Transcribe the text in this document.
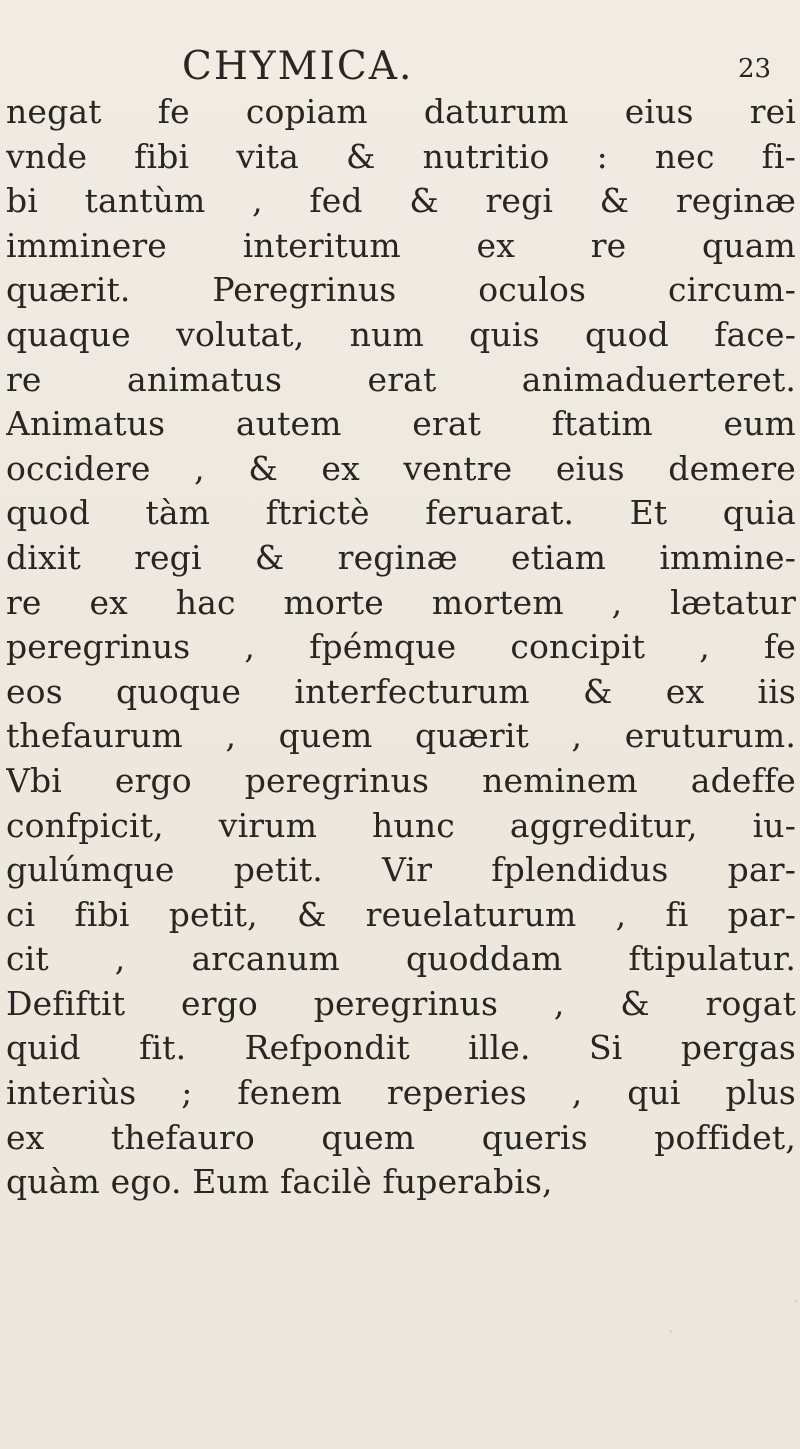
CHYMICA.	23
negat fe copiam daturum eius rei
vnde fibi vita & nutritio : nec fi-
bi tantùm , fed & regi & reginæ
imminere interitum ex re quam
quærit. Peregrinus oculos circum-
quaque volutat, num quis quod face-
re animatus erat animaduerteret.
Animatus autem erat ftatim eum
occidere , & ex ventre eius demere
quod tàm ftrictè feruarat. Et quia
dixit regi & reginæ etiam immine-
re ex hac morte mortem , lætatur
peregrinus , fpémque concipit , fe
eos quoque interfecturum & ex iis
thefaurum , quem quærit , eruturum.
Vbi ergo peregrinus neminem adeffe
confpicit, virum hunc aggreditur, iu-
gulúmque petit. Vir fplendidus par-
ci fibi petit, & reuelaturum , fi par-
cit , arcanum quoddam ftipulatur.
Defiftit ergo peregrinus , & rogat
quid fit. Refpondit ille. Si pergas
interiùs ; fenem reperies , qui plus
ex thefauro quem queris poffidet,
quàm ego. Eum facilè fuperabis,
